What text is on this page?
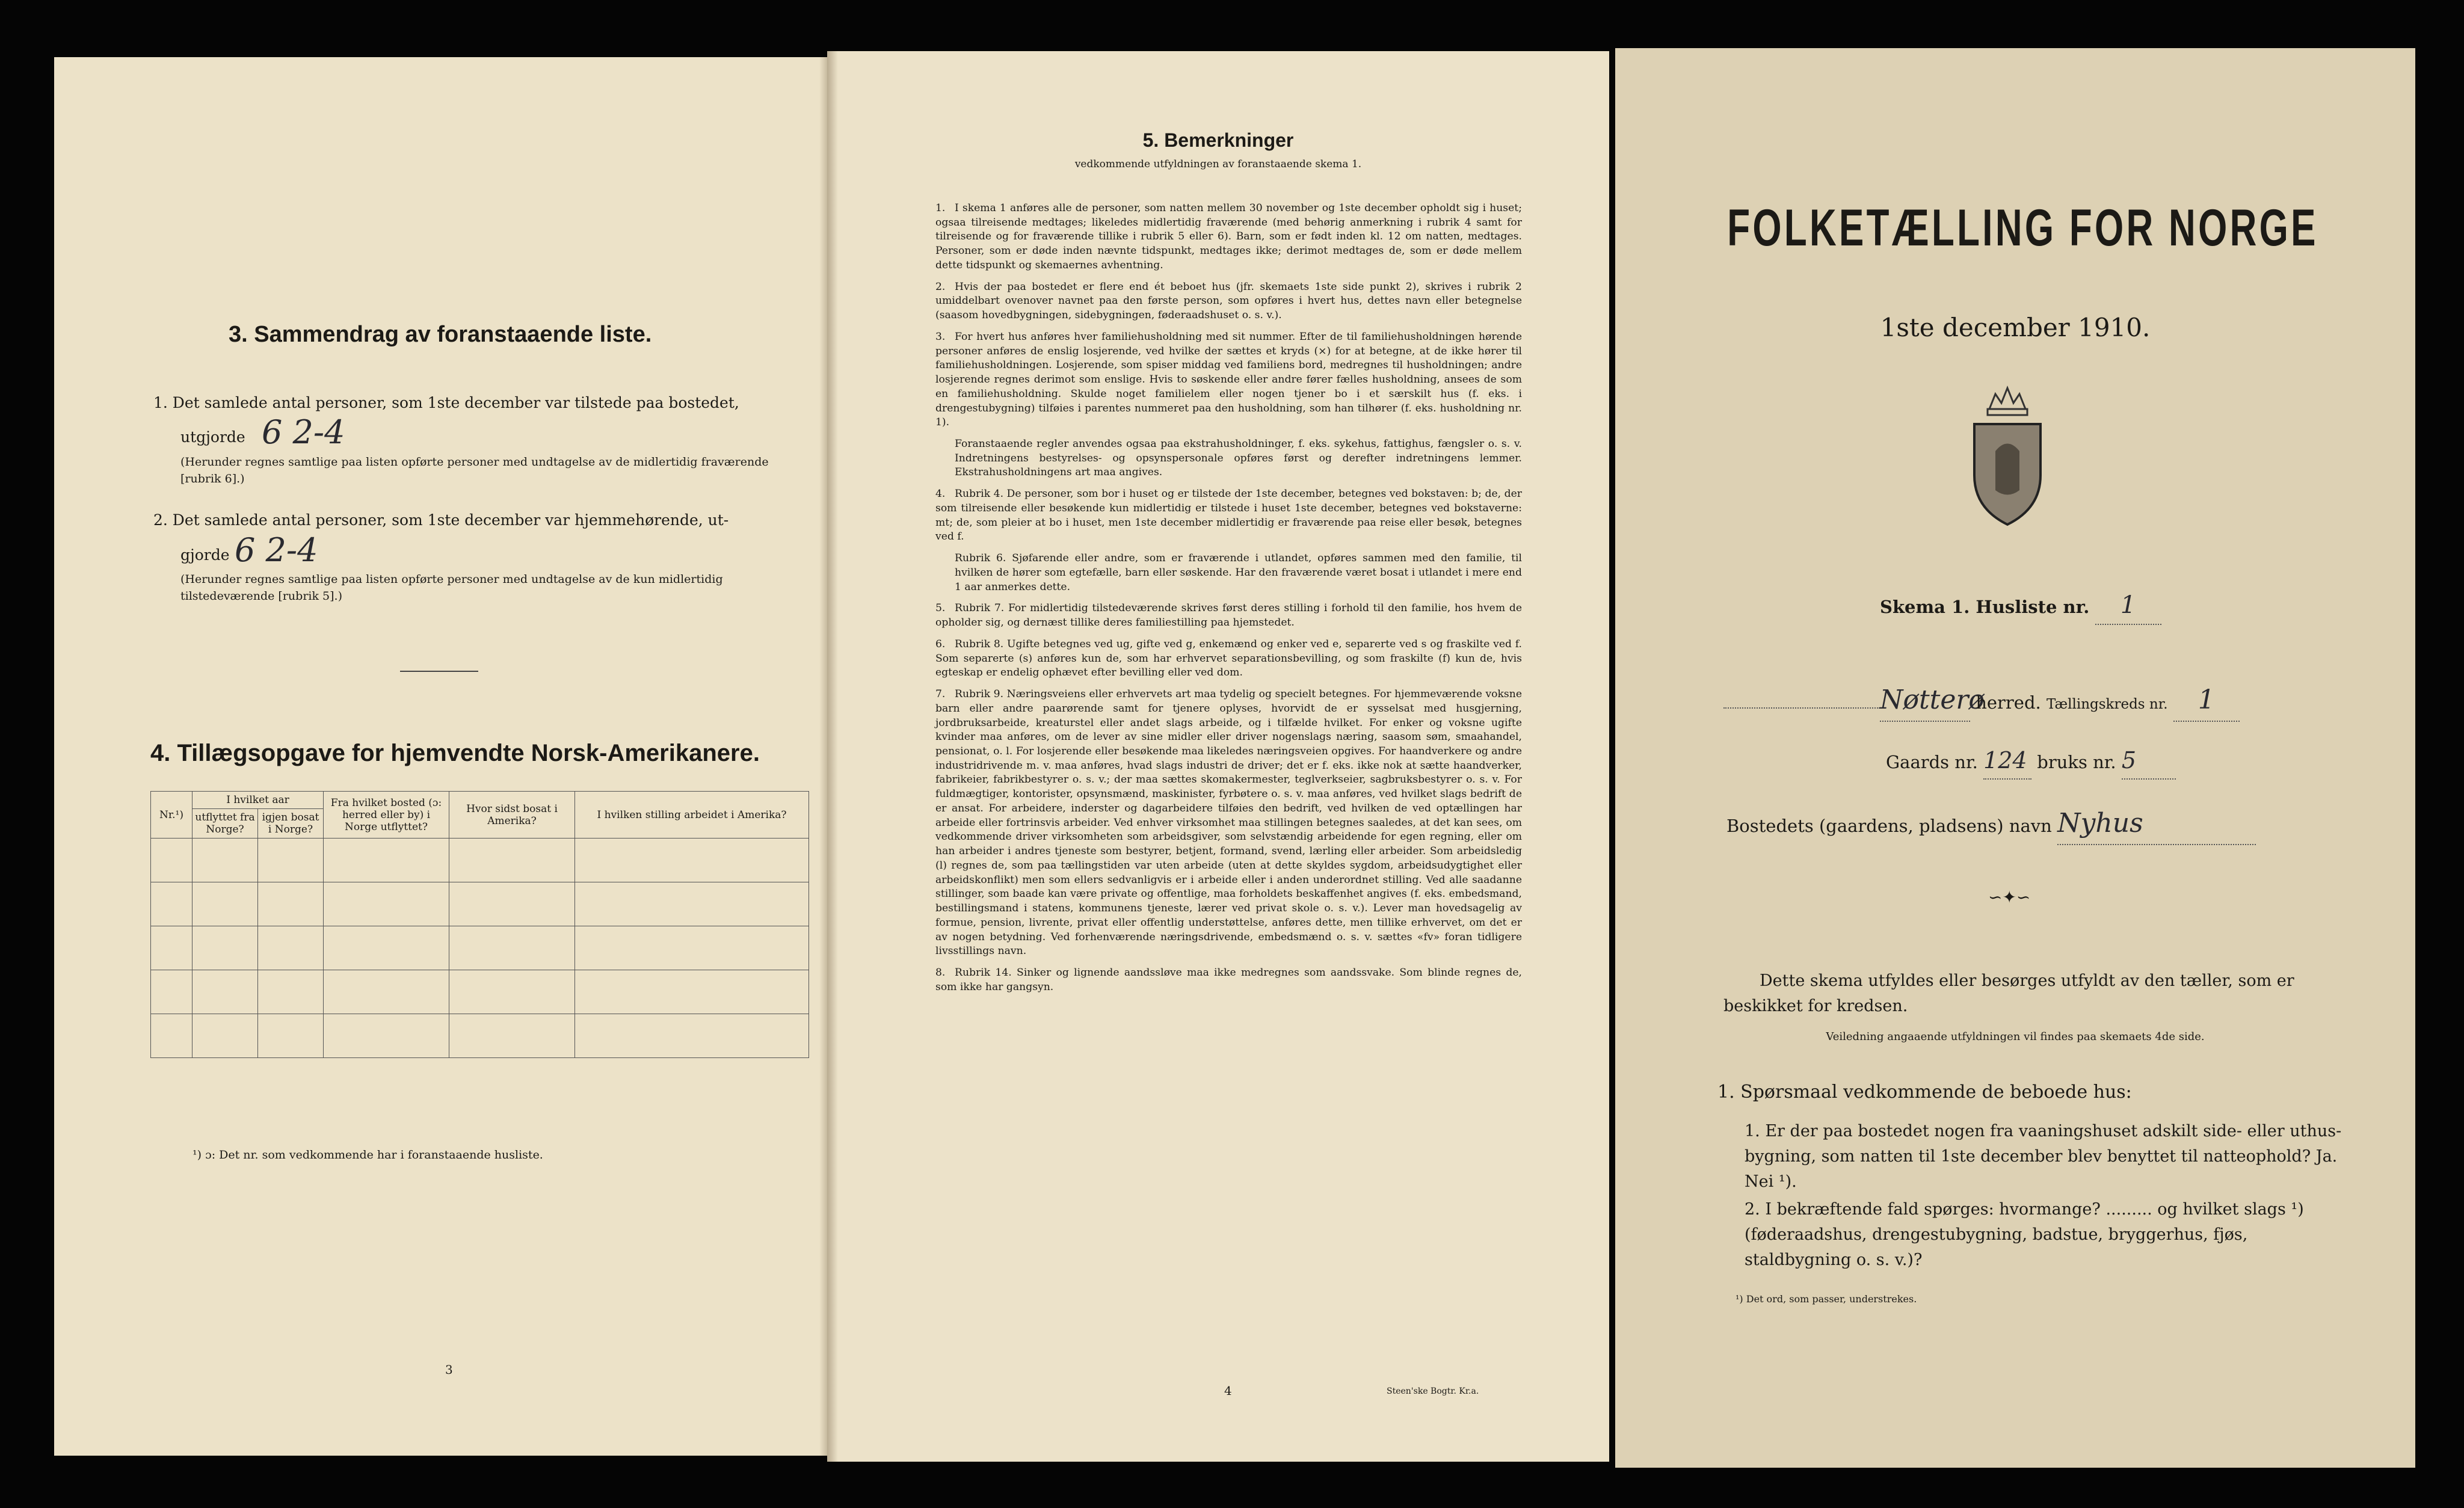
3. Sammendrag av foranstaaende liste.
1. Det samlede antal personer, som 1ste december var tilstede paa bostedet,
utgjorde 6 2-4
(Herunder regnes samtlige paa listen opførte personer med undtagelse av de midlertidig fraværende [rubrik 6].)
2. Det samlede antal personer, som 1ste december var hjemmehørende, ut-
gjorde 6 2-4
(Herunder regnes samtlige paa listen opførte personer med undtagelse av de kun midlertidig tilstedeværende [rubrik 5].)
4. Tillægsopgave for hjemvendte Norsk-Amerikanere.
Nr.¹)	I hvilket aar		Fra hvilket bosted (ɔ: herred eller by) i Norge utflyttet?	Hvor sidst bosat i Amerika?	I hvilken stilling arbeidet i Amerika?
	utflyttet fra Norge?	igjen bosat i Norge?			

¹) ɔ: Det nr. som vedkommende har i foranstaaende husliste.
3
5. Bemerkninger
vedkommende utfyldningen av foranstaaende skema 1.

1. I skema 1 anføres alle de personer, som natten mellem 30 november og 1ste december opholdt sig i huset; ogsaa tilreisende medtages; likeledes midlertidig fraværende (med behørig anmerkning i rubrik 4 samt for tilreisende og for fraværende tillike i rubrik 5 eller 6). Barn, som er født inden kl. 12 om natten, medtages. Personer, som er døde inden nævnte tidspunkt, medtages ikke; derimot medtages de, som er døde mellem dette tidspunkt og skemaernes avhentning.

2. Hvis der paa bostedet er flere end ét beboet hus (jfr. skemaets 1ste side punkt 2), skrives i rubrik 2 umiddelbart ovenover navnet paa den første person, som opføres i hvert hus, dettes navn eller betegnelse (saasom hovedbygningen, sidebygningen, føderaadshuset o. s. v.).

3. For hvert hus anføres hver familiehusholdning med sit nummer. Efter de til familiehusholdningen hørende personer anføres de enslig losjerende, ved hvilke der sættes et kryds (×) for at betegne, at de ikke hører til familiehusholdningen. Losjerende, som spiser middag ved familiens bord, medregnes til husholdningen; andre losjerende regnes derimot som enslige. Hvis to søskende eller andre fører fælles husholdning, ansees de som en familiehusholdning. Skulde noget familielem eller nogen tjener bo i et særskilt hus (f. eks. i drengestubygning) tilføies i parentes nummeret paa den husholdning, som han tilhører (f. eks. husholdning nr. 1).

Foranstaaende regler anvendes ogsaa paa ekstrahusholdninger, f. eks. sykehus, fattighus, fængsler o. s. v. Indretningens bestyrelses- og opsynspersonale opføres først og derefter indretningens lemmer. Ekstrahusholdningens art maa angives.

4. Rubrik 4. De personer, som bor i huset og er tilstede der 1ste december, betegnes ved bokstaven: b; de, der som tilreisende eller besøkende kun midlertidig er tilstede i huset 1ste december, betegnes ved bokstaverne: mt; de, som pleier at bo i huset, men 1ste december midlertidig er fraværende paa reise eller besøk, betegnes ved f.

Rubrik 6. Sjøfarende eller andre, som er fraværende i utlandet, opføres sammen med den familie, til hvilken de hører som egtefælle, barn eller søskende. Har den fraværende været bosat i utlandet i mere end 1 aar anmerkes dette.

5. Rubrik 7. For midlertidig tilstedeværende skrives først deres stilling i forhold til den familie, hos hvem de opholder sig, og dernæst tillike deres familiestilling paa hjemstedet.

6. Rubrik 8. Ugifte betegnes ved ug, gifte ved g, enkemænd og enker ved e, separerte ved s og fraskilte ved f. Som separerte (s) anføres kun de, som har erhvervet separationsbevilling, og som fraskilte (f) kun de, hvis egteskap er endelig ophævet efter bevilling eller ved dom.

7. Rubrik 9. Næringsveiens eller erhvervets art maa tydelig og specielt betegnes. For hjemmeværende voksne barn eller andre paarørende samt for tjenere oplyses, hvorvidt de er sysselsat med husgjerning, jordbruksarbeide, kreaturstel eller andet slags arbeide, og i tilfælde hvilket. For enker og voksne ugifte kvinder maa anføres, om de lever av sine midler eller driver nogenslags næring, saasom søm, smaahandel, pensionat, o. l. For losjerende eller besøkende maa likeledes næringsveien opgives. For haandverkere og andre industridrivende m. v. maa anføres, hvad slags industri de driver; det er f. eks. ikke nok at sætte haandverker, fabrikeier, fabrikbestyrer o. s. v.; der maa sættes skomakermester, teglverkseier, sagbruksbestyrer o. s. v. For fuldmægtiger, kontorister, opsynsmænd, maskinister, fyrbøtere o. s. v. maa anføres, ved hvilket slags bedrift de er ansat. For arbeidere, inderster og dagarbeidere tilføies den bedrift, ved hvilken de ved optællingen har arbeide eller fortrinsvis arbeider. Ved enhver virksomhet maa stillingen betegnes saaledes, at det kan sees, om vedkommende driver virksomheten som arbeidsgiver, som selvstændig arbeidende for egen regning, eller om han arbeider i andres tjeneste som bestyrer, betjent, formand, svend, lærling eller arbeider. Som arbeidsledig (l) regnes de, som paa tællingstiden var uten arbeide (uten at dette skyldes sygdom, arbeidsudygtighet eller arbeidskonflikt) men som ellers sedvanligvis er i arbeide eller i anden underordnet stilling. Ved alle saadanne stillinger, som baade kan være private og offentlige, maa forholdets beskaffenhet angives (f. eks. embedsmand, bestillingsmand i statens, kommunens tjeneste, lærer ved privat skole o. s. v.). Lever man hovedsagelig av formue, pension, livrente, privat eller offentlig understøttelse, anføres dette, men tillike erhvervet, om det er av nogen betydning. Ved forhenværende næringsdrivende, embedsmænd o. s. v. sættes «fv» foran tidligere livsstillings navn.

8. Rubrik 14. Sinker og lignende aandssløve maa ikke medregnes som aandssvake. Som blinde regnes de, som ikke har gangsyn.

4	Steen'ske Bogtr. Kr.a.
FOLKETÆLLING FOR NORGE
1ste december 1910.
Skema 1. Husliste nr. 1
Nøtterø herred. Tællingskreds nr. 1
Gaards nr. 124 bruks nr. 5
Bostedets (gaardens, pladsens) navn Nyhus
∽✦∽
Dette skema utfyldes eller besørges utfyldt av den tæller, som er beskikket for kredsen.
Veiledning angaaende utfyldningen vil findes paa skemaets 4de side.
1. Spørsmaal vedkommende de beboede hus:
1. Er der paa bostedet nogen fra vaaningshuset adskilt side- eller uthus-bygning, som natten til 1ste december blev benyttet til natteophold? Ja. Nei ¹).
2. I bekræftende fald spørges: hvormange? ......... og hvilket slags ¹) (føderaadshus, drengestubygning, badstue, bryggerhus, fjøs, staldbygning o. s. v.)?
¹) Det ord, som passer, understrekes.
